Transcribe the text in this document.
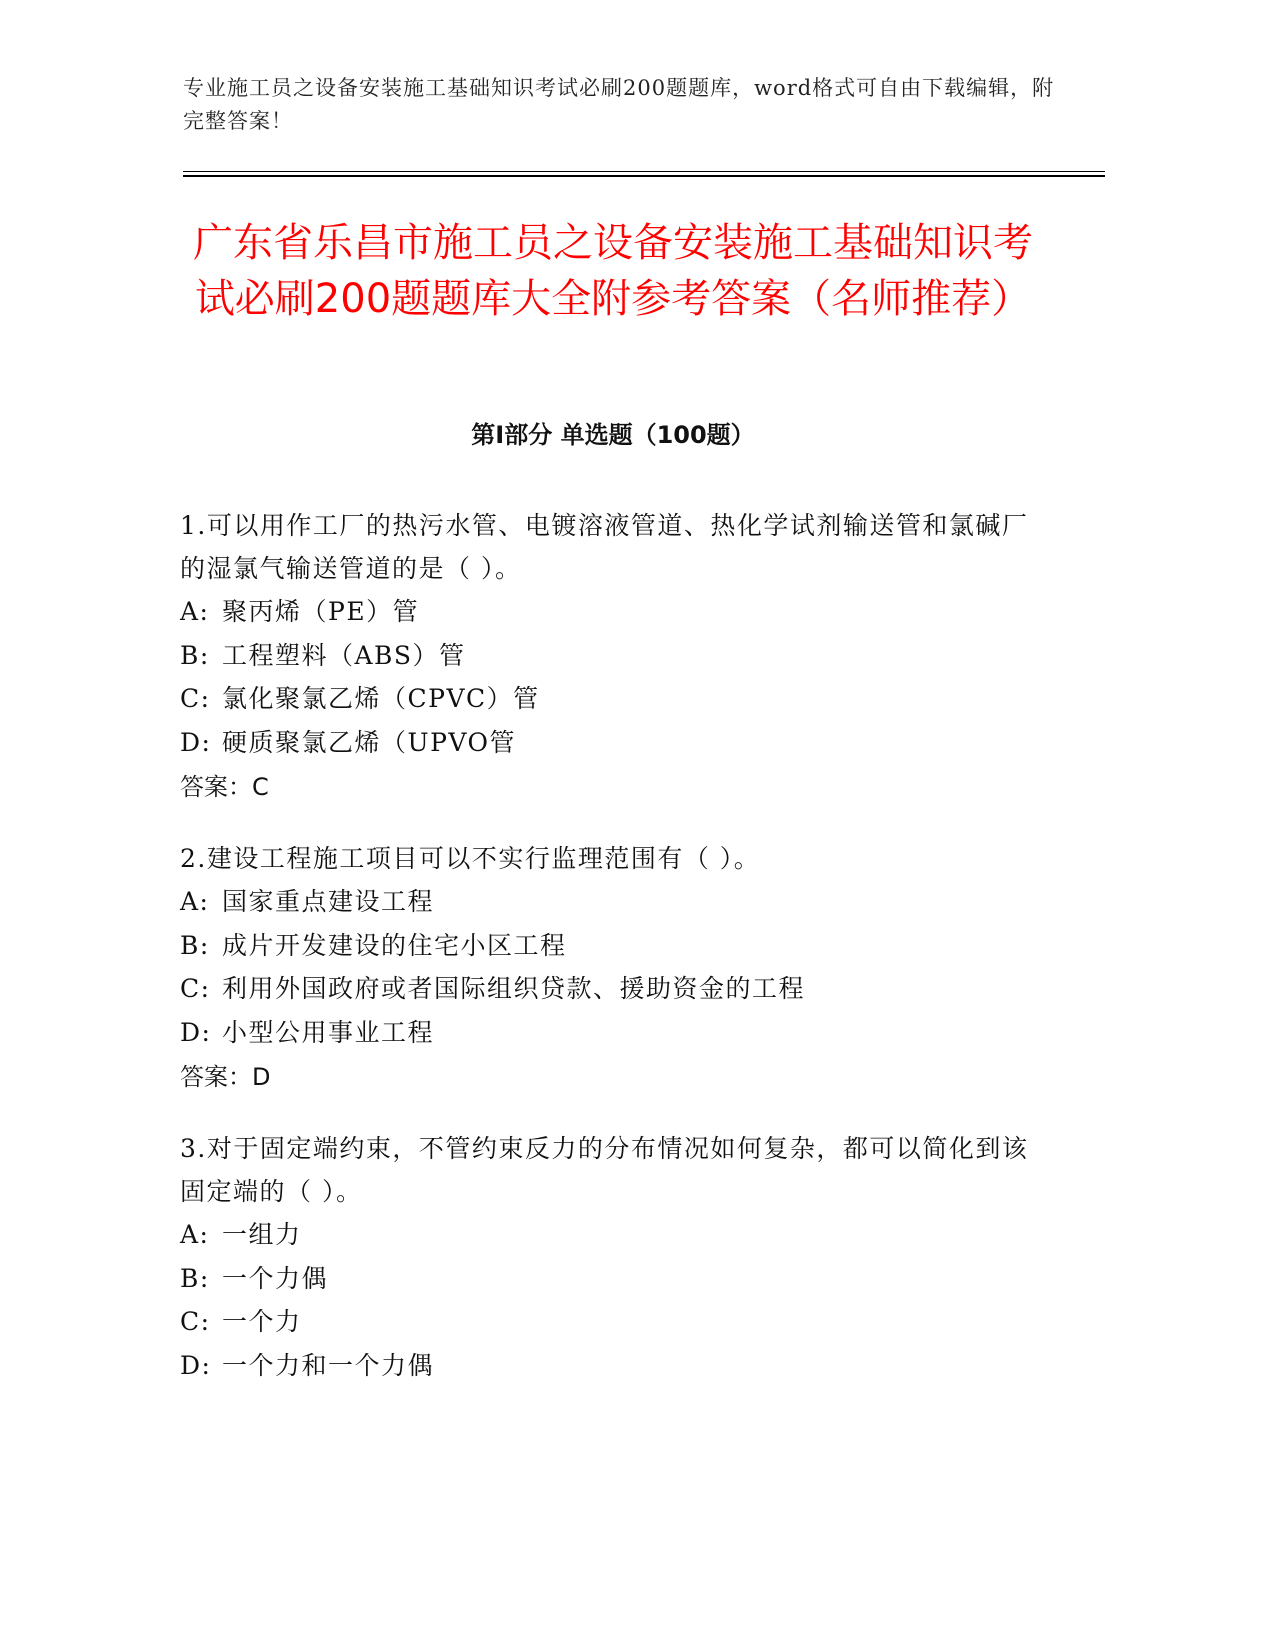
专业施工员之设备安装施工基础知识考试必刷200题题库，word格式可自由下载编辑，附完整答案！
广东省乐昌市施工员之设备安装施工基础知识考试必刷200题题库大全附参考答案（名师推荐）
第Ⅰ部分 单选题（100题）

1.可以用作工厂的热污水管、电镀溶液管道、热化学试剂输送管和氯碱厂的湿氯气输送管道的是（ ）。

A: 聚丙烯（PE）管

B: 工程塑料（ABS）管

C: 氯化聚氯乙烯（CPVC）管

D: 硬质聚氯乙烯（UPVO管

答案：C

2.建设工程施工项目可以不实行监理范围有（ ）。

A: 国家重点建设工程

B: 成片开发建设的住宅小区工程

C: 利用外国政府或者国际组织贷款、援助资金的工程

D: 小型公用事业工程

答案：D

3.对于固定端约束，不管约束反力的分布情况如何复杂，都可以简化到该固定端的（ ）。

A: 一组力

B: 一个力偶

C: 一个力

D: 一个力和一个力偶
